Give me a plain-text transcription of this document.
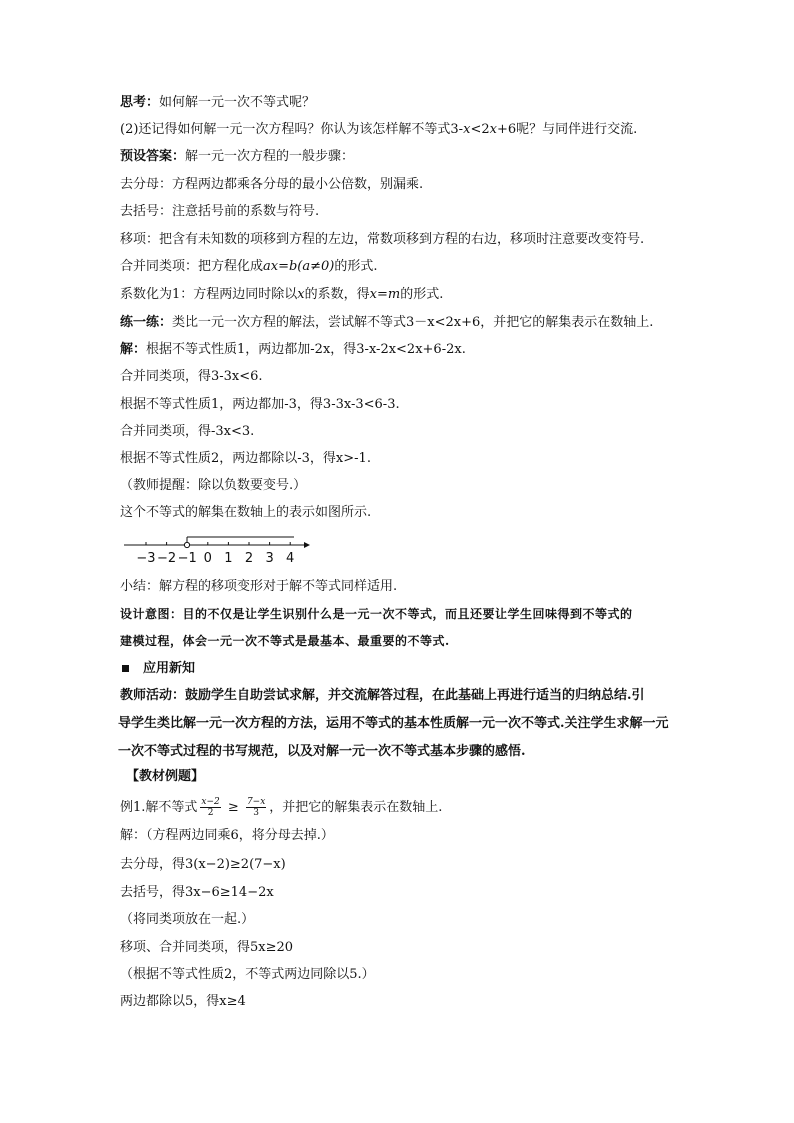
思考：如何解一元一次不等式呢？
(2)还记得如何解一元一次方程吗？你认为该怎样解不等式3-x<2x+6呢？与同伴进行交流.
预设答案：解一元一次方程的一般步骤：
去分母：方程两边都乘各分母的最小公倍数，别漏乘.
去括号：注意括号前的系数与符号.
移项：把含有未知数的项移到方程的左边，常数项移到方程的右边，移项时注意要改变符号.
合并同类项：把方程化成ax=b(a≠0)的形式.
系数化为1：方程两边同时除以x的系数，得x=m的形式.
练一练：类比一元一次方程的解法，尝试解不等式3－x<2x+6，并把它的解集表示在数轴上.
解：根据不等式性质1，两边都加-2x，得3-x-2x<2x+6-2x.
合并同类项，得3-3x<6.
根据不等式性质1，两边都加-3，得3-3x-3<6-3.
合并同类项，得-3x<3.
根据不等式性质2，两边都除以-3，得x>-1.
（教师提醒：除以负数要变号.）
这个不等式的解集在数轴上的表示如图所示.
−3 −2 −1 0 1 2 3 4
小结：解方程的移项变形对于解不等式同样适用.
设计意图：目的不仅是让学生识别什么是一元一次不等式，而且还要让学生回味得到不等式的
建模过程，体会一元一次不等式是最基本、最重要的不等式.
应用新知
教师活动：鼓励学生自助尝试求解，并交流解答过程，在此基础上再进行适当的归纳总结.引
导学生类比解一元一次方程的方法，运用不等式的基本性质解一元一次不等式.关注学生求解一元
一次不等式过程的书写规范，以及对解一元一次不等式基本步骤的感悟.
【教材例题】
例1.解不等式 $\frac{x-2}{2} \ge \frac{7-x}{3}$ ，并把它的解集表示在数轴上.
解：（方程两边同乘6，将分母去掉.）
去分母，得3(x−2)≥2(7−x)
去括号，得3x−6≥14−2x
（将同类项放在一起.）
移项、合并同类项，得5x≥20
（根据不等式性质2，不等式两边同除以5.）
两边都除以5，得x≥4
